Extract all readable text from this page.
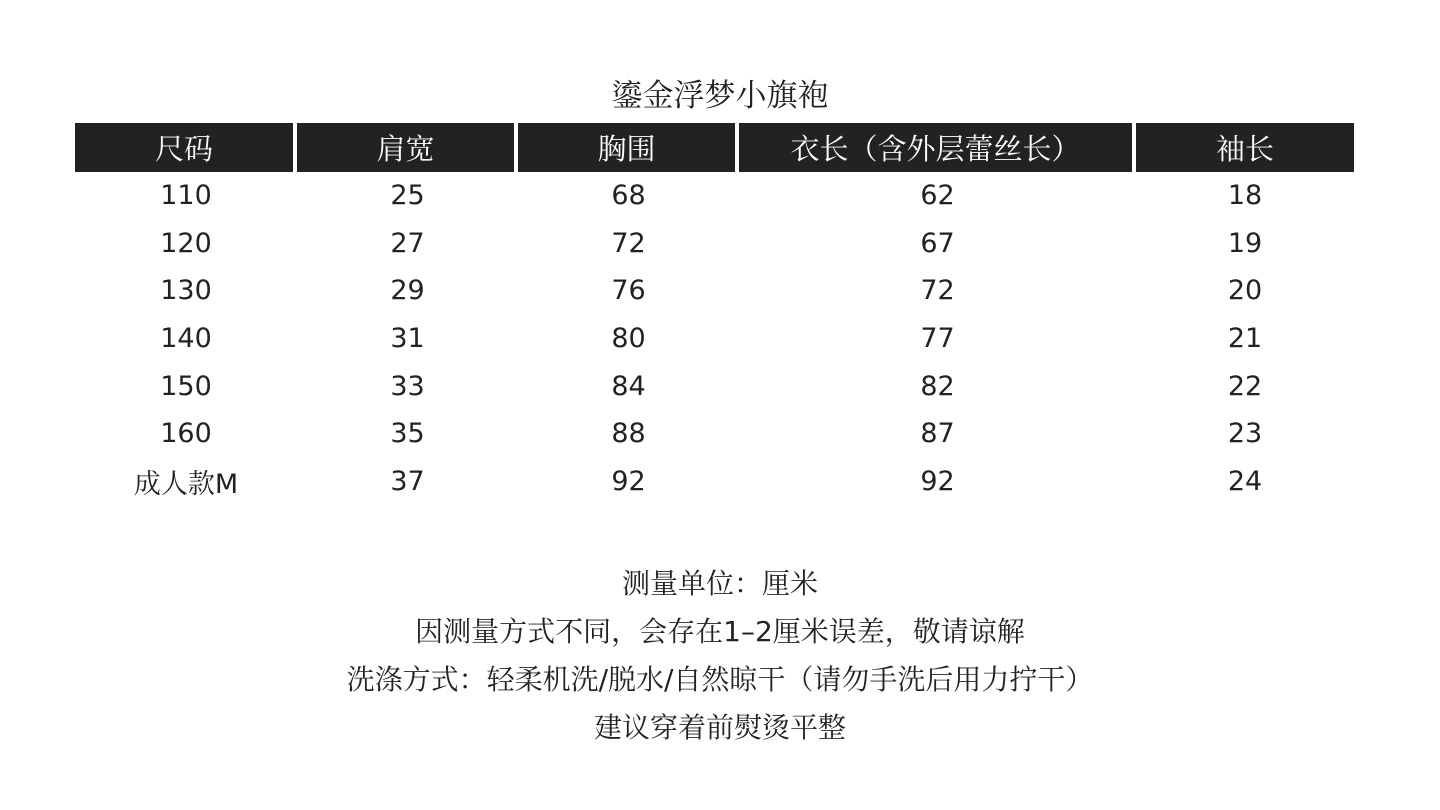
鎏金浮梦小旗袍
尺码	肩宽	胸围	衣长（含外层蕾丝长）	袖长
110	25	68	62	18
120	27	72	67	19
130	29	76	72	20
140	31	80	77	21
150	33	84	82	22
160	35	88	87	23
成人款M	37	92	92	24
测量单位：厘米
因测量方式不同，会存在1–2厘米误差，敬请谅解
洗涤方式：轻柔机洗/脱水/自然晾干（请勿手洗后用力拧干）
建议穿着前熨烫平整
